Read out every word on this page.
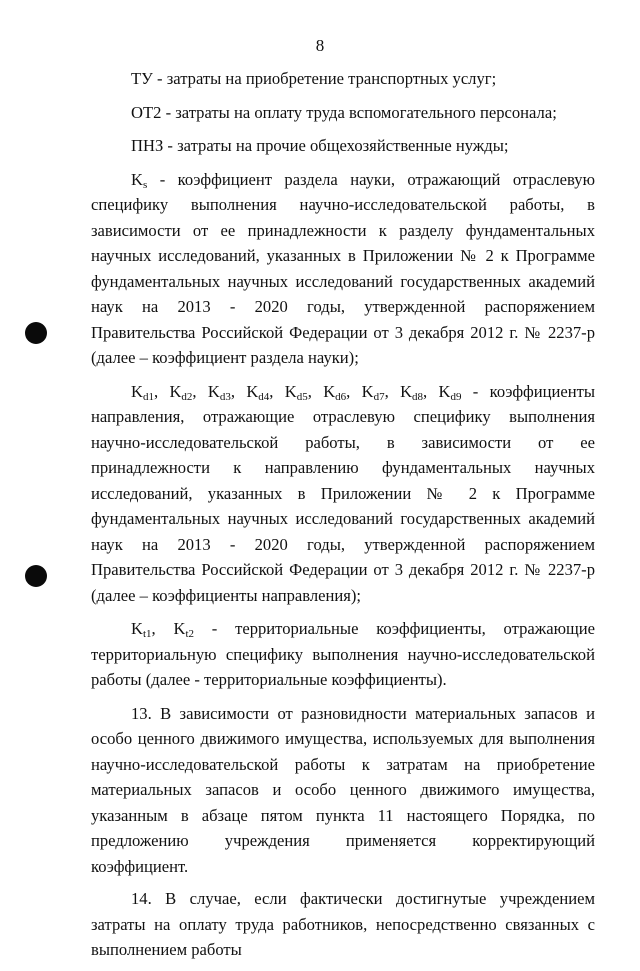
8

ТУ - затраты на приобретение транспортных услуг;

ОТ2 - затраты на оплату труда вспомогательного персонала;

ПНЗ - затраты на прочие общехозяйственные нужды;

$K_s$ - коэффициент раздела науки, отражающий отраслевую специфику выполнения научно-исследовательской работы, в зависимости от ее принадлежности к разделу фундаментальных научных исследований, указанных в Приложении № 2 к Программе фундаментальных научных исследований государственных академий наук на 2013 - 2020 годы, утвержденной распоряжением Правительства Российской Федерации от 3 декабря 2012 г. № 2237-р (далее – коэффициент раздела науки);

$K_{d1}$, $K_{d2}$, $K_{d3}$, $K_{d4}$, $K_{d5}$, $K_{d6}$, $K_{d7}$, $K_{d8}$, $K_{d9}$ - коэффициенты направления, отражающие отраслевую специфику выполнения научно-исследовательской работы, в зависимости от ее принадлежности к направлению фундаментальных научных исследований, указанных в Приложении № 2 к Программе фундаментальных научных исследований государственных академий наук на 2013 - 2020 годы, утвержденной распоряжением Правительства Российской Федерации от 3 декабря 2012 г. № 2237-р (далее – коэффициенты направления);

$K_{t1}$, $K_{t2}$ - территориальные коэффициенты, отражающие территориальную специфику выполнения научно-исследовательской работы (далее - территориальные коэффициенты).

13. В зависимости от разновидности материальных запасов и особо ценного движимого имущества, используемых для выполнения научно-исследовательской работы к затратам на приобретение материальных запасов и особо ценного движимого имущества, указанным в абзаце пятом пункта 11 настоящего Порядка, по предложению учреждения применяется корректирующий коэффициент.

14. В случае, если фактически достигнутые учреждением затраты на оплату труда работников, непосредственно связанных с выполнением работы
